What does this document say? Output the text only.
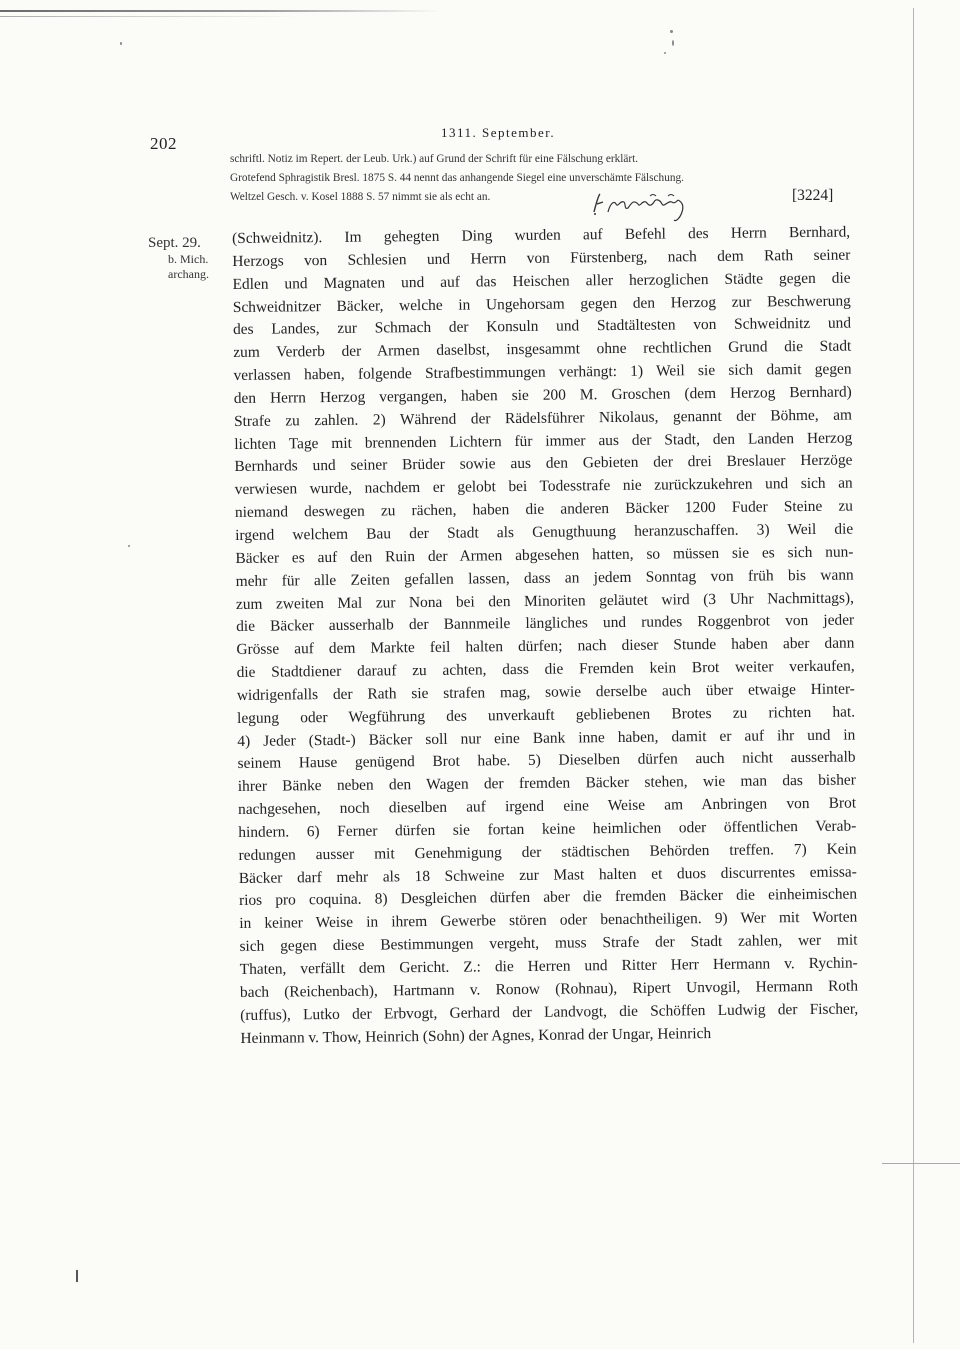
202
1311. September.
schriftl. Notiz im Repert. der Leub. Urk.) auf Grund der Schrift für eine Fälschung erklärt.
Grotefend Sphragistik Bresl. 1875 S. 44 nennt das anhangende Siegel eine unverschämte Fälschung.
Weltzel Gesch. v. Kosel 1888 S. 57 nimmt sie als echt an.	[3224]
Sept. 29.
b. Mich.
archang.
(Schweidnitz). Im gehegten Ding wurden auf Befehl des Herrn Bernhard,
Herzogs von Schlesien und Herrn von Fürstenberg, nach dem Rath seiner
Edlen und Magnaten und auf das Heischen aller herzoglichen Städte gegen die
Schweidnitzer Bäcker, welche in Ungehorsam gegen den Herzog zur Beschwerung
des Landes, zur Schmach der Konsuln und Stadtältesten von Schweidnitz und
zum Verderb der Armen daselbst, insgesammt ohne rechtlichen Grund die Stadt
verlassen haben, folgende Strafbestimmungen verhängt: 1) Weil sie sich damit gegen
den Herrn Herzog vergangen, haben sie 200 M. Groschen (dem Herzog Bernhard)
Strafe zu zahlen. 2) Während der Rädelsführer Nikolaus, genannt der Böhme, am
lichten Tage mit brennenden Lichtern für immer aus der Stadt, den Landen Herzog
Bernhards und seiner Brüder sowie aus den Gebieten der drei Breslauer Herzöge
verwiesen wurde, nachdem er gelobt bei Todesstrafe nie zurückzukehren und sich an
niemand deswegen zu rächen, haben die anderen Bäcker 1200 Fuder Steine zu
irgend welchem Bau der Stadt als Genugthuung heranzuschaffen. 3) Weil die
Bäcker es auf den Ruin der Armen abgesehen hatten, so müssen sie es sich nun-
mehr für alle Zeiten gefallen lassen, dass an jedem Sonntag von früh bis wann
zum zweiten Mal zur Nona bei den Minoriten geläutet wird (3 Uhr Nachmittags),
die Bäcker ausserhalb der Bannmeile längliches und rundes Roggenbrot von jeder
Grösse auf dem Markte feil halten dürfen; nach dieser Stunde haben aber dann
die Stadtdiener darauf zu achten, dass die Fremden kein Brot weiter verkaufen,
widrigenfalls der Rath sie strafen mag, sowie derselbe auch über etwaige Hinter-
legung oder Wegführung des unverkauft gebliebenen Brotes zu richten hat.
4) Jeder (Stadt-) Bäcker soll nur eine Bank inne haben, damit er auf ihr und in
seinem Hause genügend Brot habe. 5) Dieselben dürfen auch nicht ausserhalb
ihrer Bänke neben den Wagen der fremden Bäcker stehen, wie man das bisher
nachgesehen, noch dieselben auf irgend eine Weise am Anbringen von Brot
hindern. 6) Ferner dürfen sie fortan keine heimlichen oder öffentlichen Verab-
redungen ausser mit Genehmigung der städtischen Behörden treffen. 7) Kein
Bäcker darf mehr als 18 Schweine zur Mast halten et duos discurrentes emissa-
rios pro coquina. 8) Desgleichen dürfen aber die fremden Bäcker die einheimischen
in keiner Weise in ihrem Gewerbe stören oder benachtheiligen. 9) Wer mit Worten
sich gegen diese Bestimmungen vergeht, muss Strafe der Stadt zahlen, wer mit
Thaten, verfällt dem Gericht. Z.: die Herren und Ritter Herr Hermann v. Rychin-
bach (Reichenbach), Hartmann v. Ronow (Rohnau), Ripert Unvogil, Hermann Roth
(ruffus), Lutko der Erbvogt, Gerhard der Landvogt, die Schöffen Ludwig der Fischer,
Heinmann v. Thow, Heinrich (Sohn) der Agnes, Konrad der Ungar, Heinrich
